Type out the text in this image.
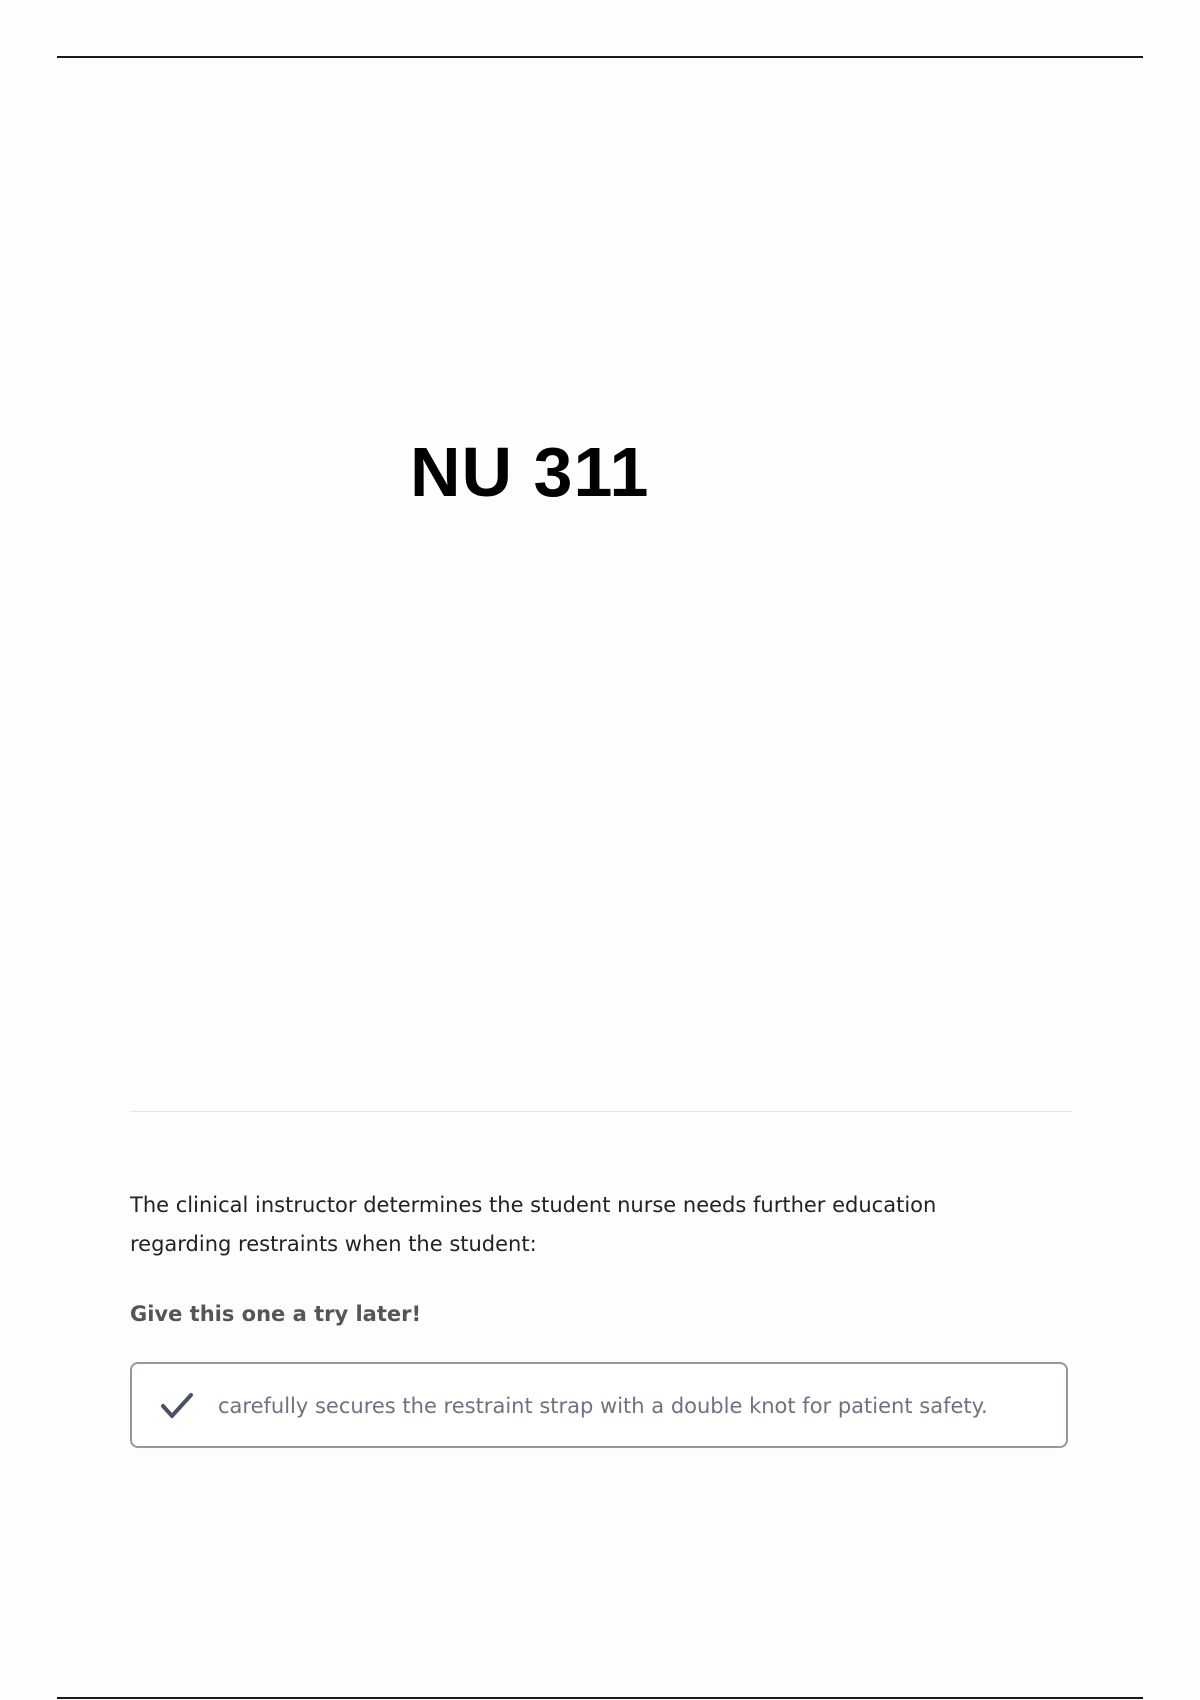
NU 311

The clinical instructor determines the student nurse needs further education regarding restraints when the student:

Give this one a try later!

carefully secures the restraint strap with a double knot for patient safety.
